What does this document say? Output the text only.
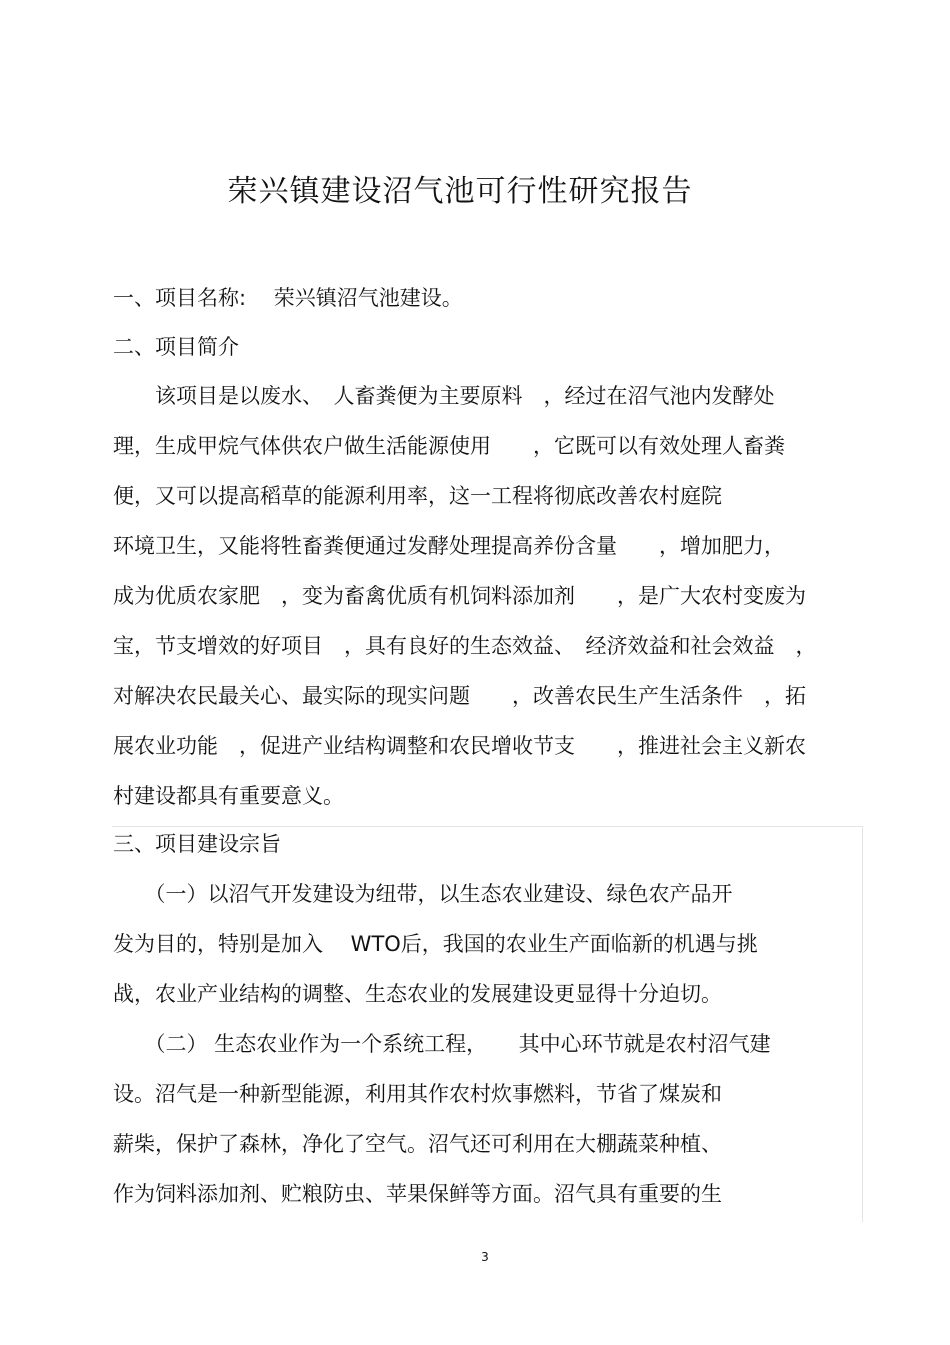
荣兴镇建设沼气池可行性研究报告
一、项目名称:　 荣兴镇沼气池建设。
二、项目简介
　　该项目是以废水、　人畜粪便为主要原料　，经过在沼气池内发酵处
理，生成甲烷气体供农户做生活能源使用　　，它既可以有效处理人畜粪
便，又可以提高稻草的能源利用率，这一工程将彻底改善农村庭院
环境卫生，又能将牲畜粪便通过发酵处理提高养份含量　　，增加肥力，
成为优质农家肥　，变为畜禽优质有机饲料添加剂　　，是广大农村变废为
宝，节支增效的好项目　，具有良好的生态效益、　经济效益和社会效益　，
对解决农民最关心、最实际的现实问题　　，改善农民生产生活条件　，拓
展农业功能　，促进产业结构调整和农民增收节支　　，推进社会主义新农
村建设都具有重要意义。
三、项目建设宗旨
　　（一）以沼气开发建设为纽带，以生态农业建设、绿色农产品开
发为目的，特别是加入　 WTO后，我国的农业生产面临新的机遇与挑
战，农业产业结构的调整、生态农业的发展建设更显得十分迫切。
　　（二） 生态农业作为一个系统工程，　　其中心环节就是农村沼气建
设。沼气是一种新型能源，利用其作农村炊事燃料，节省了煤炭和
薪柴，保护了森林，净化了空气。沼气还可利用在大棚蔬菜种植、
作为饲料添加剂、贮粮防虫、苹果保鲜等方面。沼气具有重要的生
3
